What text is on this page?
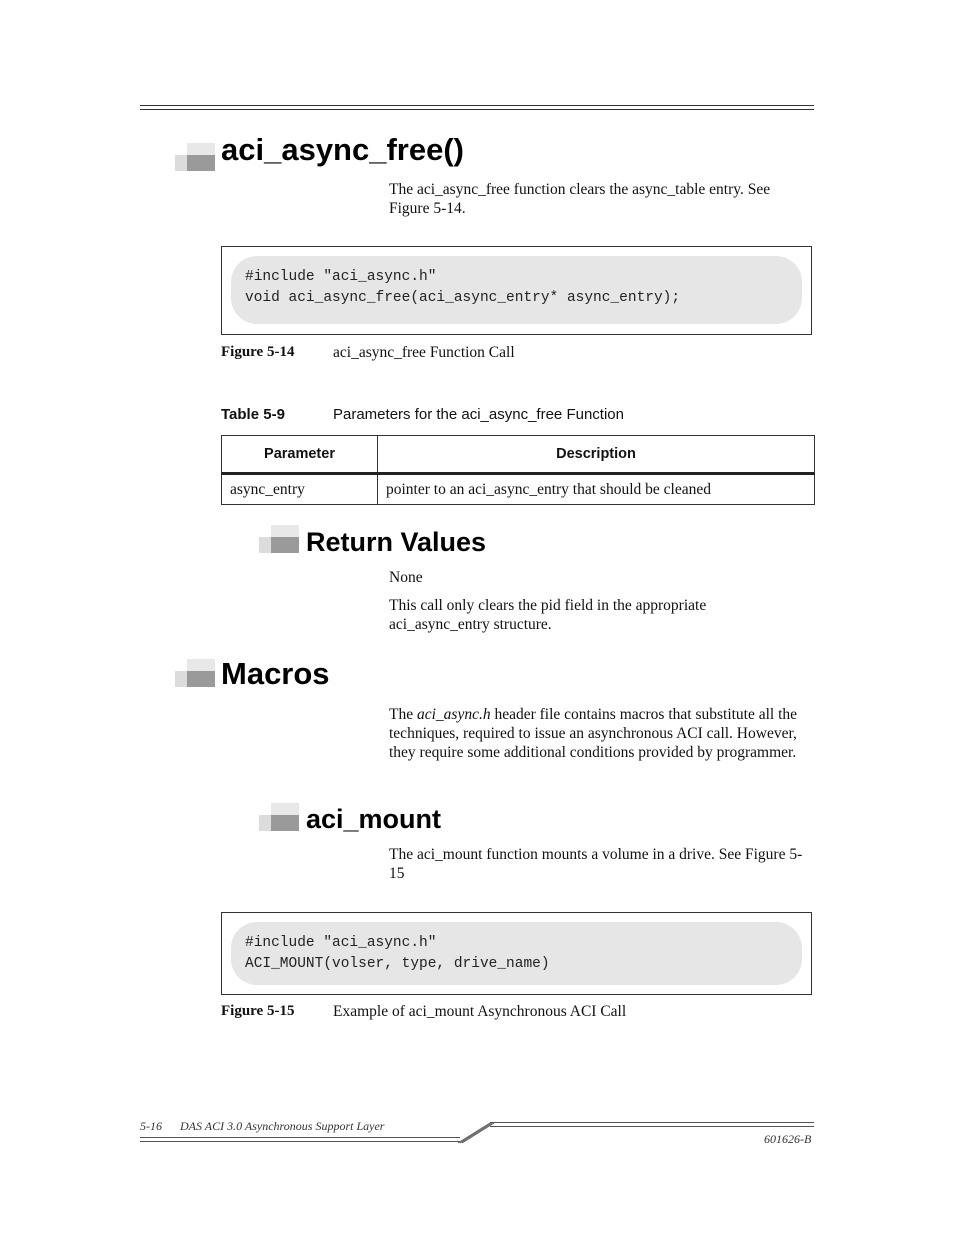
aci_async_free()
The aci_async_free function clears the async_table entry. See Figure 5-14.
#include "aci_async.h"
void aci_async_free(aci_async_entry* async_entry);
Figure 5-14 aci_async_free Function Call
Table 5-9	Parameters for the aci_async_free Function
Parameter	Description
async_entry	pointer to an aci_async_entry that should be cleaned
Return Values
None
This call only clears the pid field in the appropriate aci_async_entry structure.
Macros
The aci_async.h header file contains macros that substitute all the techniques, required to issue an asynchronous ACI call. However, they require some additional conditions provided by programmer.
aci_mount
The aci_mount function mounts a volume in a drive. See Figure 5-15
#include "aci_async.h"
ACI_MOUNT(volser, type, drive_name)
Figure 5-15 Example of aci_mount Asynchronous ACI Call
5-16 DAS ACI 3.0 Asynchronous Support Layer
601626-B
